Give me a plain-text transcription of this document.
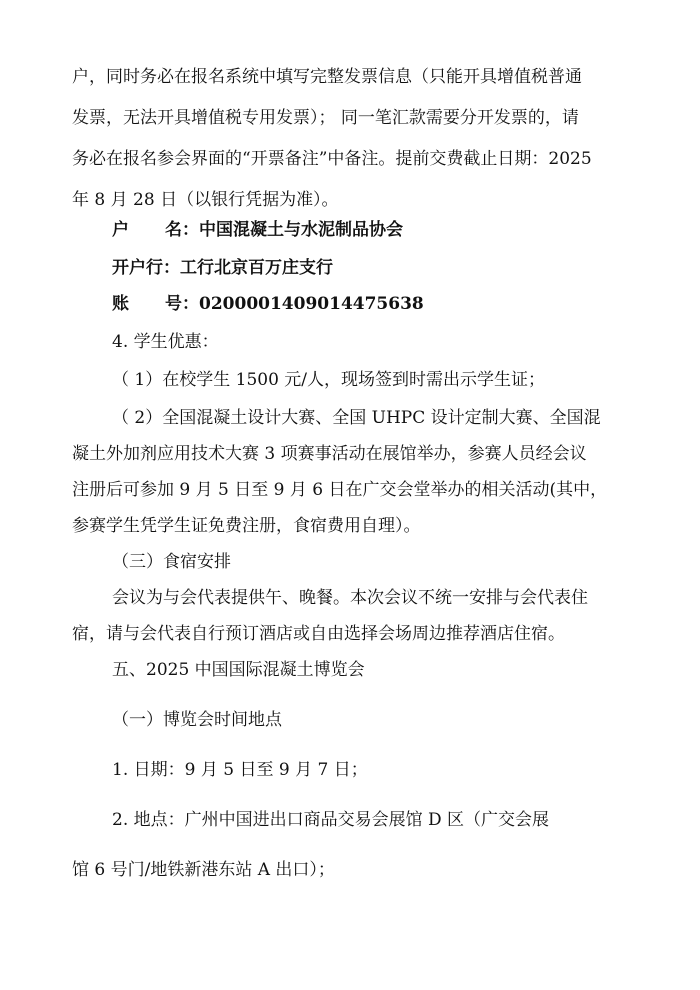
户，同时务必在报名系统中填写完整发票信息（只能开具增值税普通
发票，无法开具增值税专用发票）； 同一笔汇款需要分开发票的，请
务必在报名参会界面的“开票备注”中备注。提前交费截止日期：2025
年 8 月 28 日（以银行凭据为准）。
户 名：中国混凝土与水泥制品协会
开户行：工行北京百万庄支行
账 号：0200001409014475638
4. 学生优惠：
（ 1）在校学生 1500 元/人，现场签到时需出示学生证；
（ 2）全国混凝土设计大赛、全国 UHPC 设计定制大赛、全国混
凝土外加剂应用技术大赛 3 项赛事活动在展馆举办，参赛人员经会议
注册后可参加 9 月 5 日至 9 月 6 日在广交会堂举办的相关活动(其中，
参赛学生凭学生证免费注册，食宿费用自理）。
（三）食宿安排
会议为与会代表提供午、晚餐。本次会议不统一安排与会代表住
宿，请与会代表自行预订酒店或自由选择会场周边推荐酒店住宿。
五、2025 中国国际混凝土博览会
（一）博览会时间地点
1. 日期：9 月 5 日至 9 月 7 日；
2. 地点：广州中国进出口商品交易会展馆 D 区（广交会展
馆 6 号门/地铁新港东站 A 出口）；
